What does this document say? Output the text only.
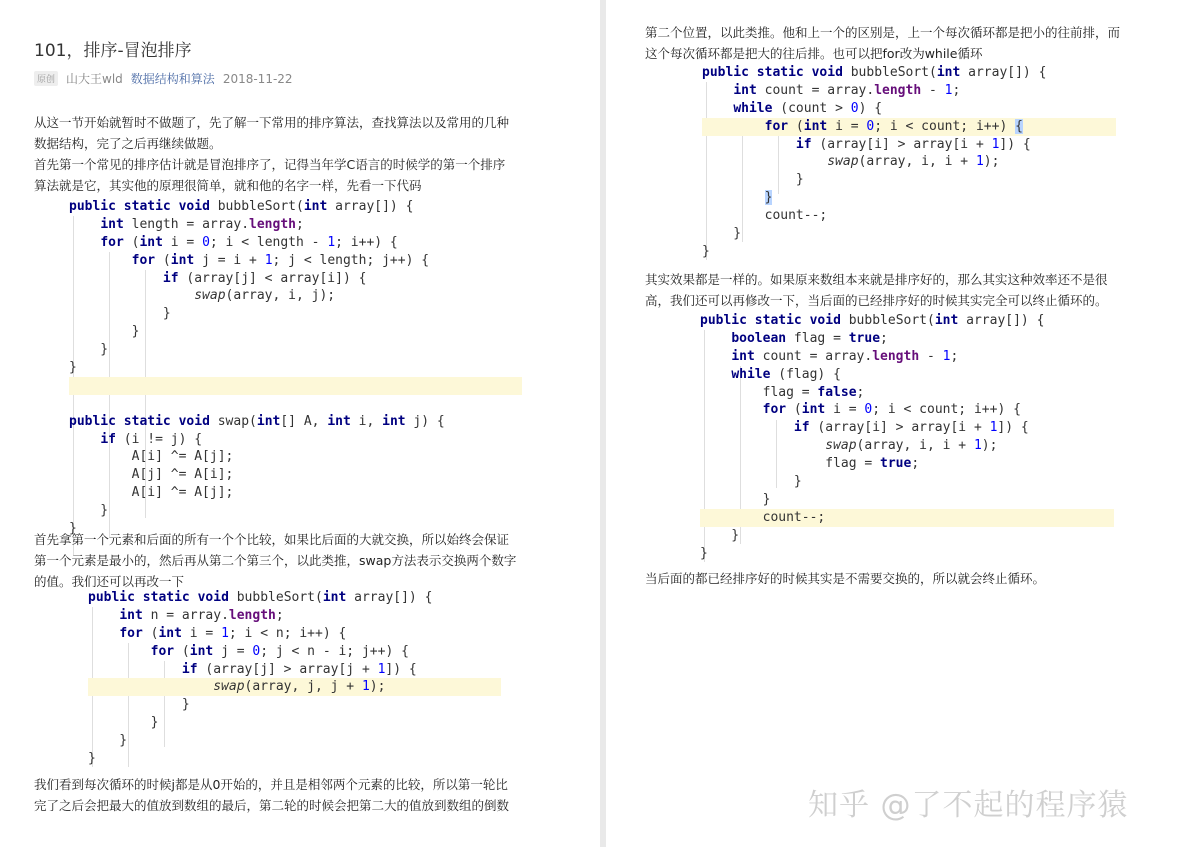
101，排序-冒泡排序
原创 山大王wld 数据结构和算法 2018-11-22
从这一节开始就暂时不做题了，先了解一下常用的排序算法，查找算法以及常用的几种
数据结构，完了之后再继续做题。
首先第一个常见的排序估计就是冒泡排序了，记得当年学C语言的时候学的第一个排序
算法就是它，其实他的原理很简单，就和他的名字一样，先看一下代码
public static void bubbleSort(int array[]) {
int length = array.length;
for (int i = 0; i < length - 1; i++) {
for (int j = i + 1; j < length; j++) {
if (array[j] < array[i]) {
swap(array, i, j);
}
}
}
}
public static void swap(int[] A, int i, int j) {
if (i != j) {
A[i] ^= A[j];
A[j] ^= A[i];
A[i] ^= A[j];
}
}
首先拿第一个元素和后面的所有一个个比较，如果比后面的大就交换，所以始终会保证
第一个元素是最小的，然后再从第二个第三个，以此类推，swap方法表示交换两个数字
的值。我们还可以再改一下
public static void bubbleSort(int array[]) {
int n = array.length;
for (int i = 1; i < n; i++) {
for (int j = 0; j < n - i; j++) {
if (array[j] > array[j + 1]) {
swap(array, j, j + 1);
}
}
}
}
我们看到每次循环的时候j都是从0开始的，并且是相邻两个元素的比较，所以第一轮比
完了之后会把最大的值放到数组的最后，第二轮的时候会把第二大的值放到数组的倒数
第二个位置，以此类推。他和上一个的区别是，上一个每次循环都是把小的往前排，而
这个每次循环都是把大的往后排。也可以把for改为while循环
public static void bubbleSort(int array[]) {
int count = array.length - 1;
while (count > 0) {
for (int i = 0; i < count; i++) {
if (array[i] > array[i + 1]) {
swap(array, i, i + 1);
}
}
count--;
}
}
其实效果都是一样的。如果原来数组本来就是排序好的，那么其实这种效率还不是很
高，我们还可以再修改一下，当后面的已经排序好的时候其实完全可以终止循环的。
public static void bubbleSort(int array[]) {
boolean flag = true;
int count = array.length - 1;
while (flag) {
flag = false;
for (int i = 0; i < count; i++) {
if (array[i] > array[i + 1]) {
swap(array, i, i + 1);
flag = true;
}
}
count--;
}
}
当后面的都已经排序好的时候其实是不需要交换的，所以就会终止循环。
知乎 @了不起的程序猿
